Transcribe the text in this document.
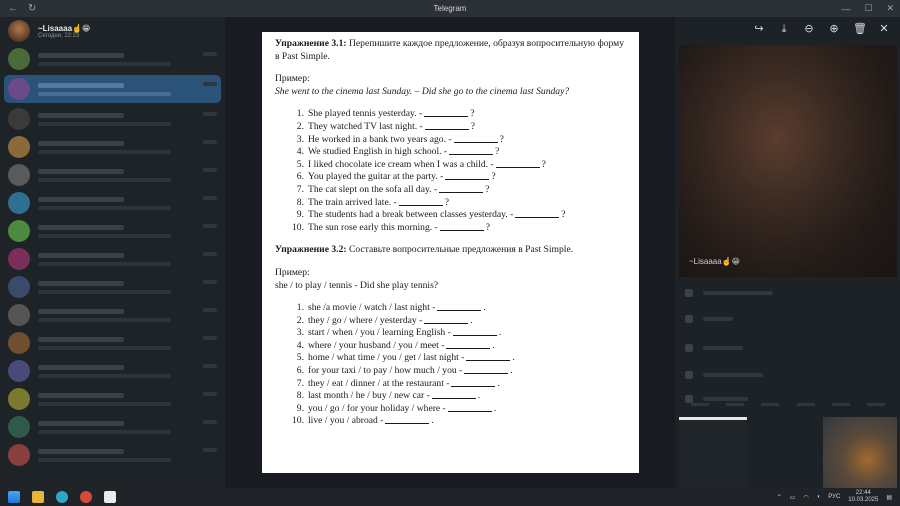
← ↻	Telegram	— ☐ ✕
~Lisaaaa☝️😁
Сегодня, 22:23
~Lisaaaa☝️😁
↪	⤓	⊖ ⊕ 🗑 ✕
Упражнение 3.1: Перепишите каждое предложение, образуя вопросительную форму в Past Simple.
Пример:
She went to the cinema last Sunday. – Did she go to the cinema last Sunday?
1. She played tennis yesterday. -	?
2. They watched TV last night. -	?
3. He worked in a bank two years ago. -	?
4. We studied English in high school. -	?
5. I liked chocolate ice cream when I was a child. -	?
6. You played the guitar at the party. -	?
7. The cat slept on the sofa all day. -	?
8. The train arrived late. -	?
9. The students had a break between classes yesterday. -	?
10. The sun rose early this morning. -	?
Упражнение 3.2: Составьте вопросительные предложения в Past Simple.
Пример:
she / to play / tennis - Did she play tennis?
1. she /a movie / watch / last night -	.
2. they / go / where / yesterday -	.
3. start / when / you / learning English -	.
4. where / your husband / you / meet -	.
5. home / what time / you / get / last night -	.
6. for your taxi / to pay / how much / you -	.
7. they / eat / dinner / at the restaurant -	.
8. last month / he / buy / new car -	.
9. you / go / for your holiday / where -	.
10. live / you / abroad -	.
⌃ ▭ ◠ ◖ РУС
22:44
10.03.2025 ▤
